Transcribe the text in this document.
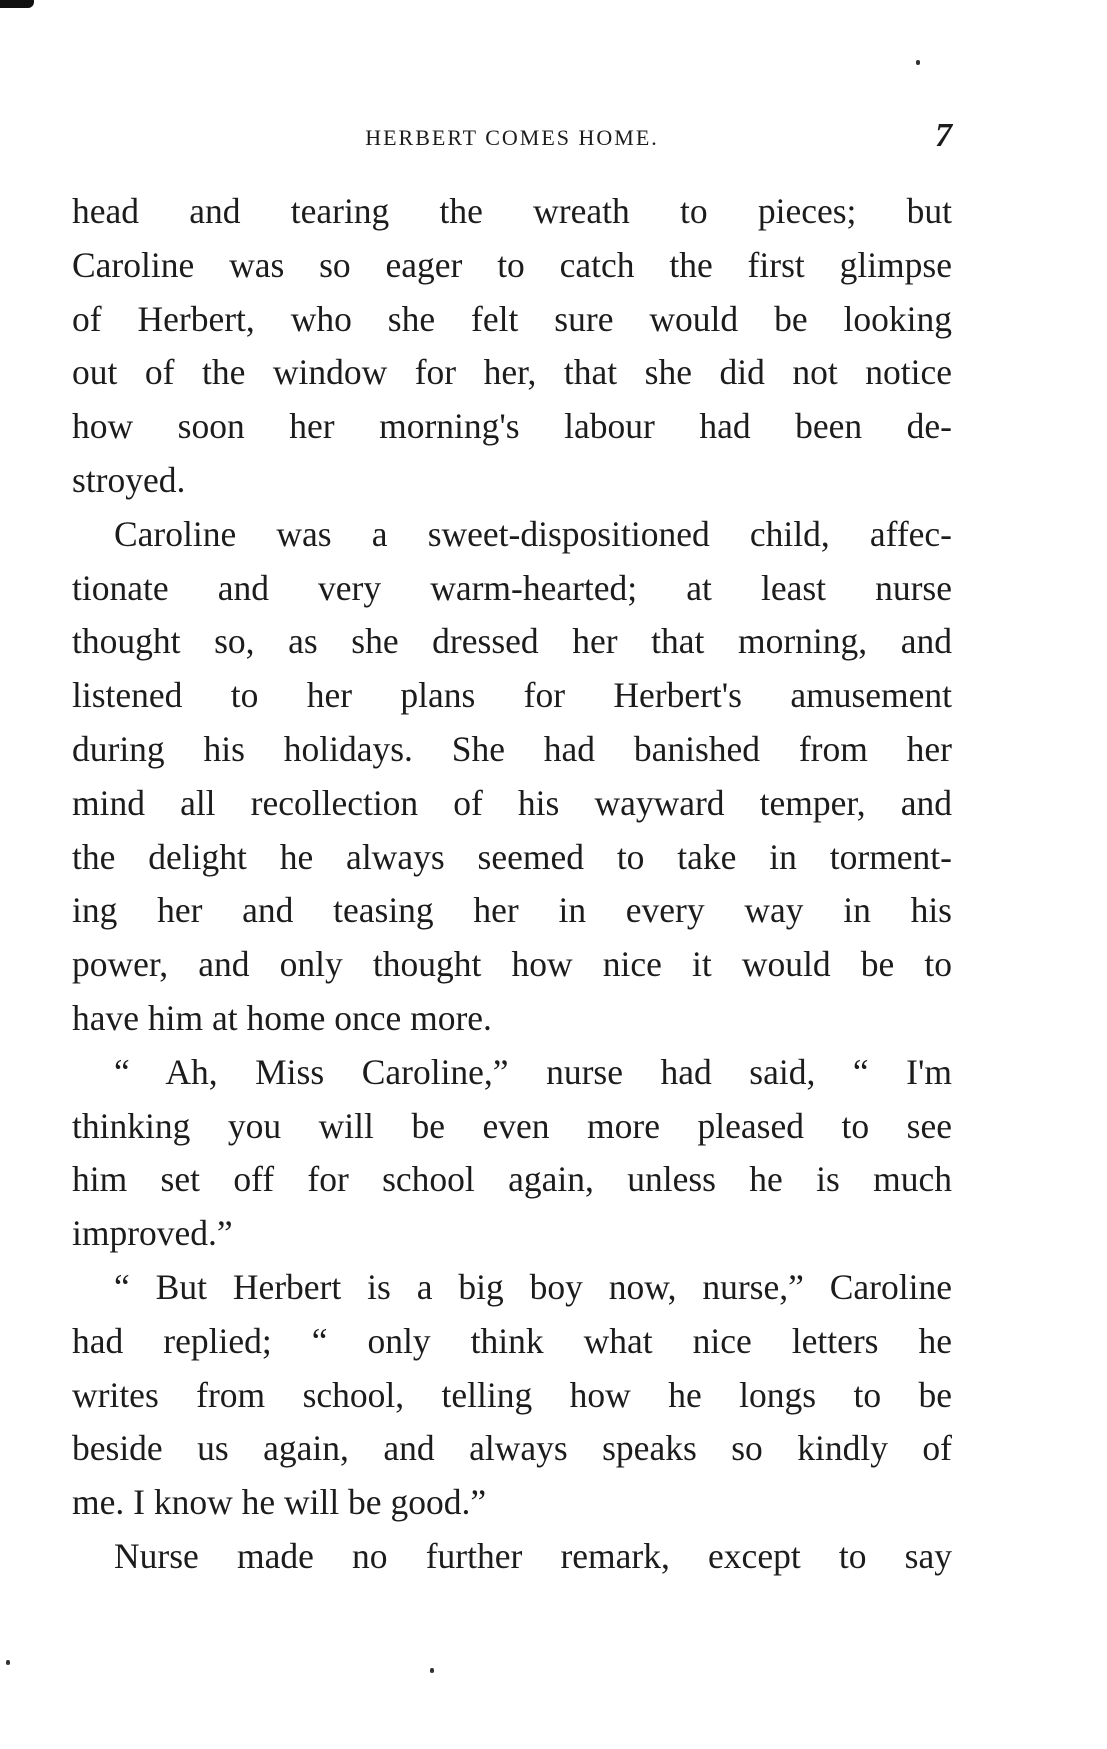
HERBERT COMES HOME.	7
head and tearing the wreath to pieces; but
Caroline was so eager to catch the first glimpse
of Herbert, who she felt sure would be looking
out of the window for her, that she did not notice
how soon her morning's labour had been de-
stroyed.
Caroline was a sweet-dispositioned child, affec-
tionate and very warm-hearted; at least nurse
thought so, as she dressed her that morning, and
listened to her plans for Herbert's amusement
during his holidays. She had banished from her
mind all recollection of his wayward temper, and
the delight he always seemed to take in torment-
ing her and teasing her in every way in his
power, and only thought how nice it would be to
have him at home once more.
“ Ah, Miss Caroline,” nurse had said, “ I'm
thinking you will be even more pleased to see
him set off for school again, unless he is much
improved.”
“ But Herbert is a big boy now, nurse,” Caroline
had replied; “ only think what nice letters he
writes from school, telling how he longs to be
beside us again, and always speaks so kindly of
me. I know he will be good.”
Nurse made no further remark, except to say
